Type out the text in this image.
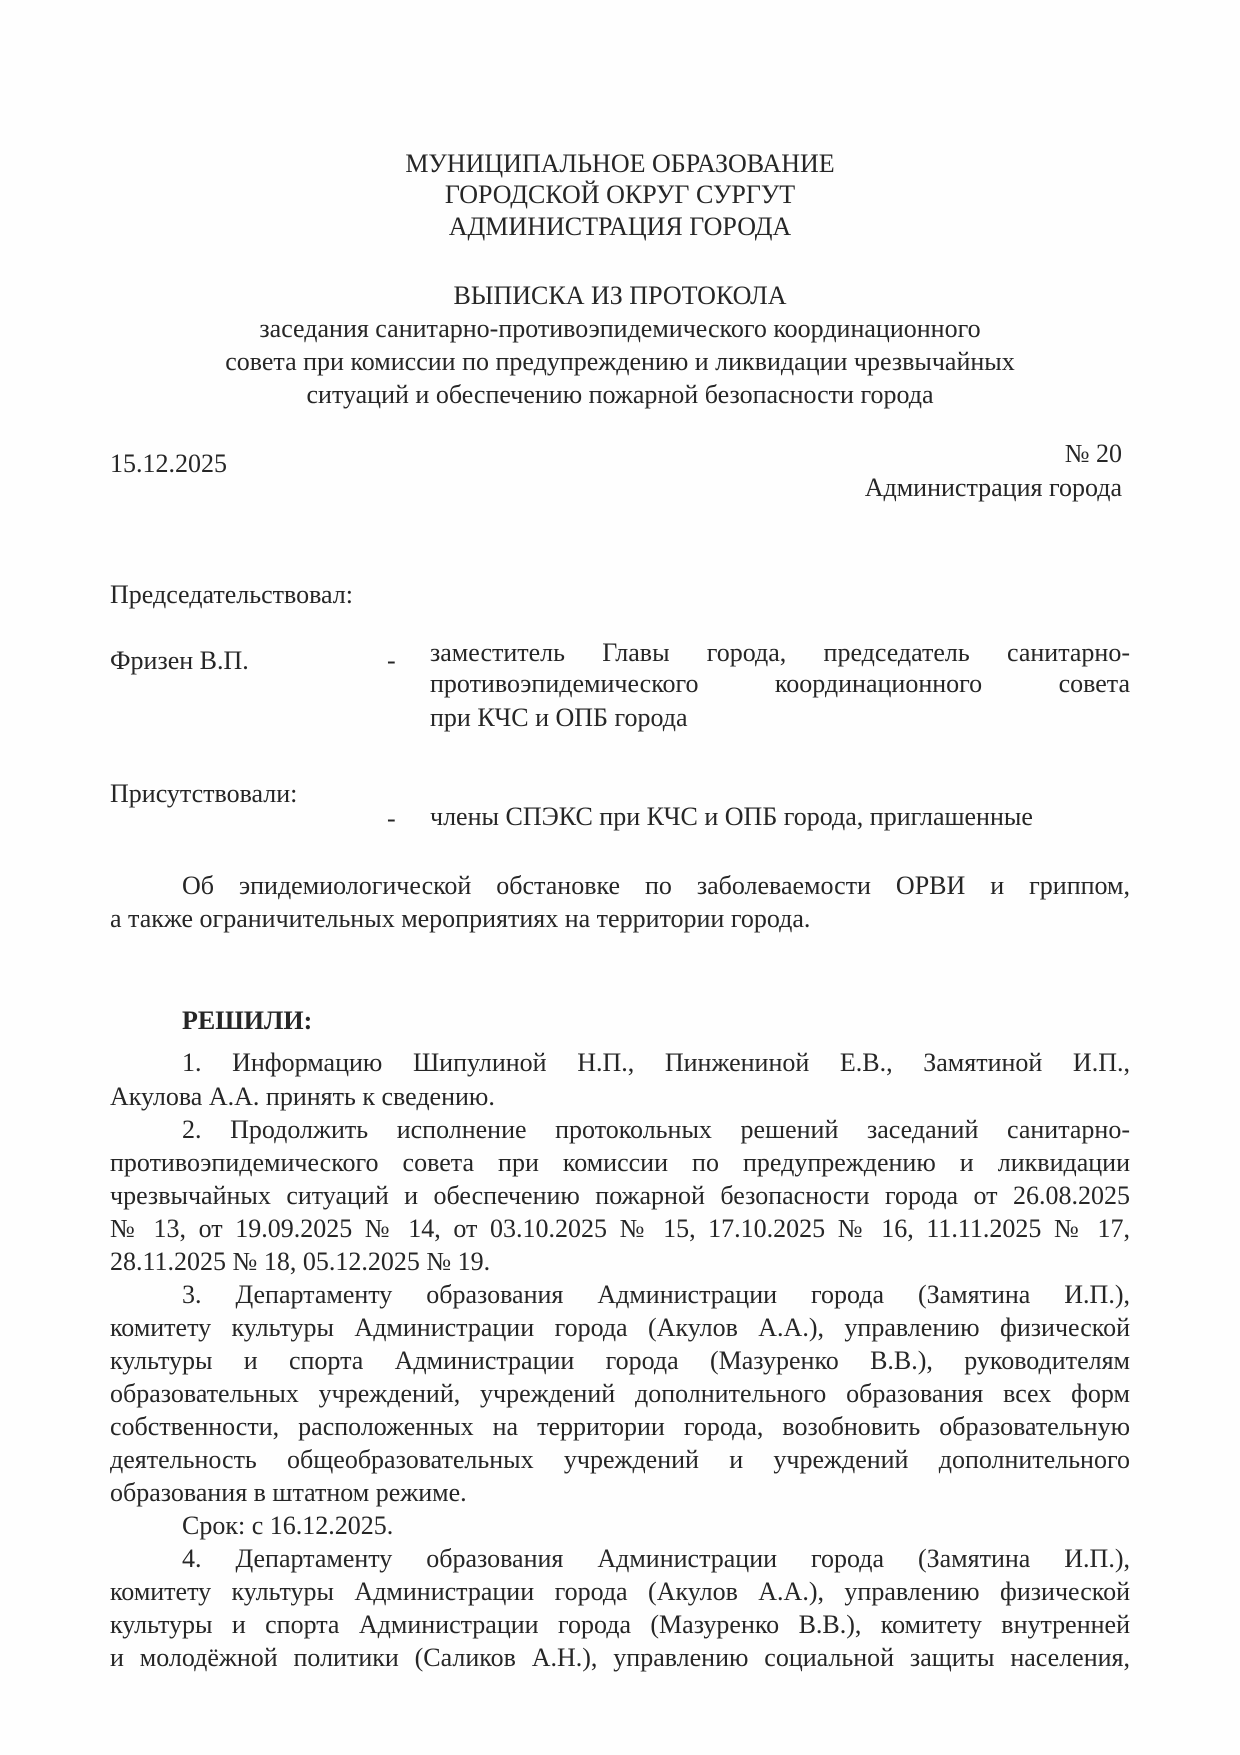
МУНИЦИПАЛЬНОЕ ОБРАЗОВАНИЕ
ГОРОДСКОЙ ОКРУГ СУРГУТ
АДМИНИСТРАЦИЯ ГОРОДА
ВЫПИСКА ИЗ ПРОТОКОЛА
заседания санитарно-противоэпидемического координационного
совета при комиссии по предупреждению и ликвидации чрезвычайных
ситуаций и обеспечению пожарной безопасности города
15.12.2025	№ 20
Администрация города
Председательствовал:
Фризен В.П.	- заместитель Главы города, председатель санитарно-
противоэпидемического координационного совета
при КЧС и ОПБ города
Присутствовали:
- члены СПЭКС при КЧС и ОПБ города, приглашенные
Об эпидемиологической обстановке по заболеваемости ОРВИ и гриппом,
а также ограничительных мероприятиях на территории города.
РЕШИЛИ:
1. Информацию Шипулиной Н.П., Пинжениной Е.В., Замятиной И.П.,
Акулова А.А. принять к сведению.
2. Продолжить исполнение протокольных решений заседаний санитарно-
противоэпидемического совета при комиссии по предупреждению и ликвидации
чрезвычайных ситуаций и обеспечению пожарной безопасности города от 26.08.2025
№ 13, от 19.09.2025 № 14, от 03.10.2025 № 15, 17.10.2025 № 16, 11.11.2025 № 17,
28.11.2025 № 18, 05.12.2025 № 19.
3. Департаменту образования Администрации города (Замятина И.П.),
комитету культуры Администрации города (Акулов А.А.), управлению физической
культуры и спорта Администрации города (Мазуренко В.В.), руководителям
образовательных учреждений, учреждений дополнительного образования всех форм
собственности, расположенных на территории города, возобновить образовательную
деятельность общеобразовательных учреждений и учреждений дополнительного
образования в штатном режиме.
Срок: с 16.12.2025.
4. Департаменту образования Администрации города (Замятина И.П.),
комитету культуры Администрации города (Акулов А.А.), управлению физической
культуры и спорта Администрации города (Мазуренко В.В.), комитету внутренней
и молодёжной политики (Саликов А.Н.), управлению социальной защиты населения,
